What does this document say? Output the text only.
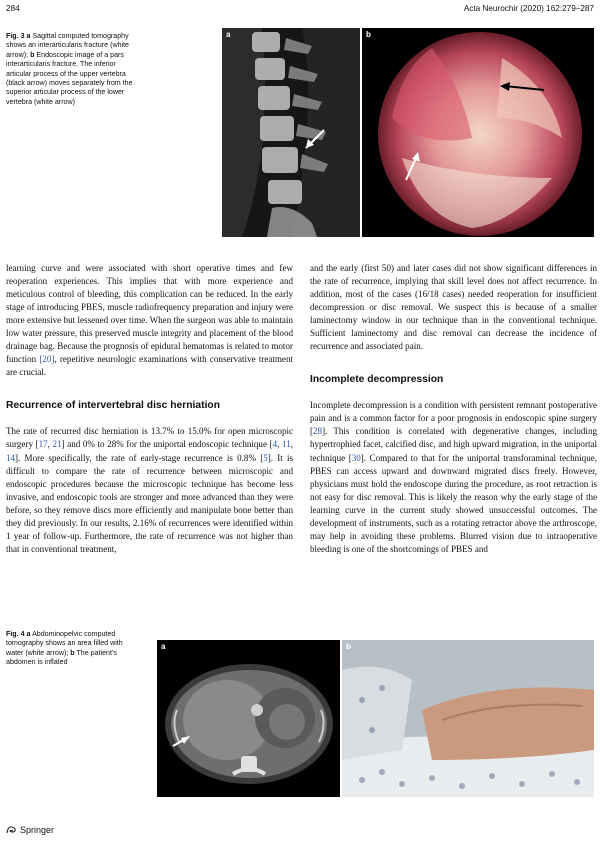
284	Acta Neurochir (2020) 162:279–287
Fig. 3 a Sagittal computed tomography shows an interarticularis fracture (white arrow); b Endoscopic image of a pars interarticularis fracture. The inferior articular process of the upper vertebra (black arrow) moves separately from the superior articular process of the lower vertebra (white arrow)
a	b

learning curve and were associated with short operative times and few reoperation experiences. This implies that with more experience and meticulous control of bleeding, this complication can be reduced. In the early stage of introducing PBES, muscle radiofrequency preparation and injury were more extensive but lessened over time. When the surgeon was able to maintain low water pressure, this preserved muscle integrity and placement of the blood drainage bag. Because the prognosis of epidural hematomas is related to motor function [20], repetitive neurologic examinations with conservative treatment are crucial.

Recurrence of intervertebral disc herniation

The rate of recurred disc herniation is 13.7% to 15.0% for open microscopic surgery [17, 21] and 0% to 28% for the uniportal endoscopic technique [4, 11, 14]. More specifically, the rate of early-stage recurrence is 0.8% [5]. It is difficult to compare the rate of recurrence between microscopic and endoscopic procedures because the microscopic technique has become less invasive, and endoscopic tools are stronger and more advanced than they were before, so they remove discs more efficiently and manipulate bone better than they did previously. In our results, 2.16% of recurrences were identified within 1 year of follow-up. Furthermore, the rate of recurrence was not higher than that in conventional treatment,

and the early (first 50) and later cases did not show significant differences in the rate of recurrence, implying that skill level does not affect recurrence. In addition, most of the cases (16/18 cases) needed reoperation for insufficient decompression or disc removal. We suspect this is because of a smaller laminectomy window in our technique than in the conventional technique. Sufficient laminectomy and disc removal can decrease the incidence of recurrence and associated pain.

Incomplete decompression

Incomplete decompression is a condition with persistent remnant postoperative pain and is a common factor for a poor prognosis in endoscopic spine surgery [28]. This condition is correlated with degenerative changes, including hypertrophied facet, calcified disc, and high upward migration, in the uniportal technique [30]. Compared to that for the uniportal transforaminal technique, PBES can access upward and downward migrated discs freely. However, physicians must hold the endoscope during the procedure, as root retraction is not easy for disc removal. This is likely the reason why the early stage of the learning curve in the current study showed unsuccessful outcomes. The development of instruments, such as a rotating retractor above the arthroscope, may help in avoiding these problems. Blurred vision due to intraoperative bleeding is one of the shortcomings of PBES and

Fig. 4 a Abdominopelvic computed tomography shows an area filled with water (white arrow); b The patient’s abdomen is inflated
a	b
Springer
